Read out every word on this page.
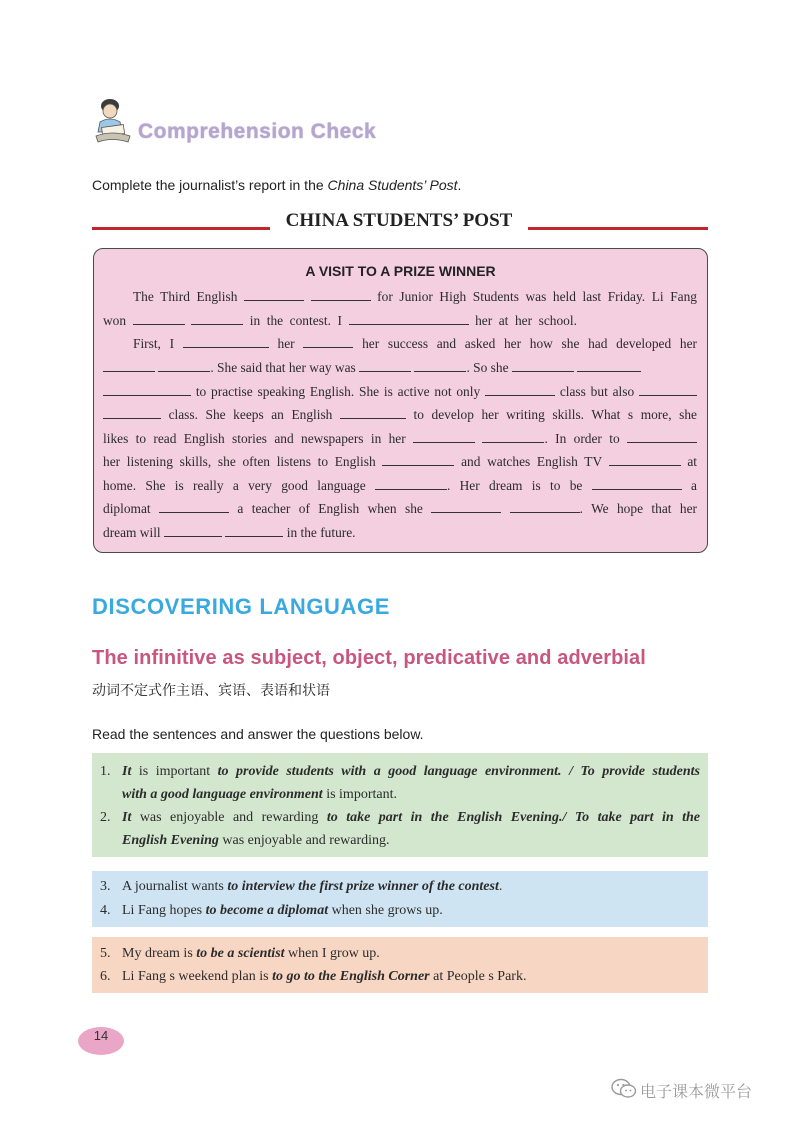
Comprehension Check
Complete the journalist’s report in the China Students’ Post.
CHINA STUDENTS’ POST
A VISIT TO A PRIZE WINNER
The Third English	for Junior High Students was held last Friday. Li Fang
won	in the contest. I	her at her school.
First, I	her	her success and asked her how she had developed her
. She said that her way was	. So she
to practise speaking English. She is active not only	class but also
class. She keeps an English	to develop her writing skills. What s more, she
likes to read English stories and newspapers in her	. In order to
her listening skills, she often listens to English	and watches English TV	at
home. She is really a very good language	. Her dream is to be	a
diplomat	a teacher of English when she	. We hope that her
dream will	in the future.
DISCOVERING LANGUAGE
The infinitive as subject, object, predicative and adverbial
动词不定式作主语、宾语、表语和状语
Read the sentences and answer the questions below.
1. It is important to provide students with a good language environment. / To provide students
with a good language environment is important.
2. It was enjoyable and rewarding to take part in the English Evening./ To take part in the
English Evening was enjoyable and rewarding.
3. A journalist wants to interview the first prize winner of the contest.
4. Li Fang hopes to become a diplomat when she grows up.
5. My dream is to be a scientist when I grow up.
6. Li Fang s weekend plan is to go to the English Corner at People s Park.
14
电子课本微平台
